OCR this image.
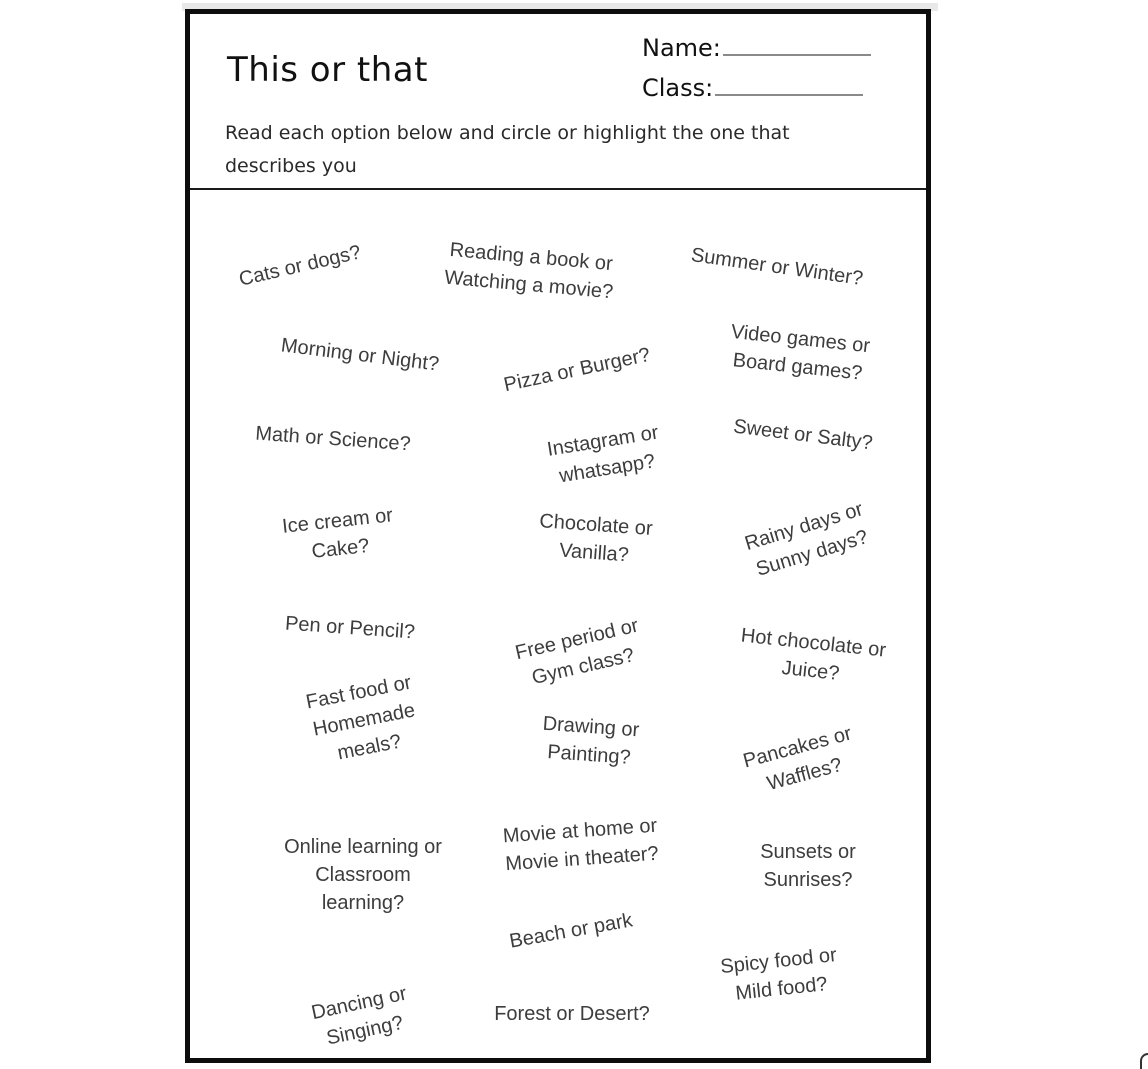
This or that
Name:
Class:
Read each option below and circle or highlight the one that describes you
Cats or dogs?	Reading a book or
Watching a movie?	Summer or Winter?
Morning or Night?	Pizza or Burger?
Video games or
Board games?
Math or Science?	Instagram or
whatsapp?
Sweet or Salty?
Ice cream or
Cake?
Chocolate or
Vanilla?	Rainy days or
Sunny days?
Pen or Pencil?	Free period or
Gym class?
Hot chocolate or
Juice?
Fast food or
Homemade
meals?
Drawing or
Painting?	Pancakes or
Waffles?
Online learning or
Classroom
learning?
Movie at home or
Movie in theater?	Sunsets or
Sunrises?
Beach or park
Spicy food or
Mild food?
Dancing or
Singing?	Forest or Desert?
